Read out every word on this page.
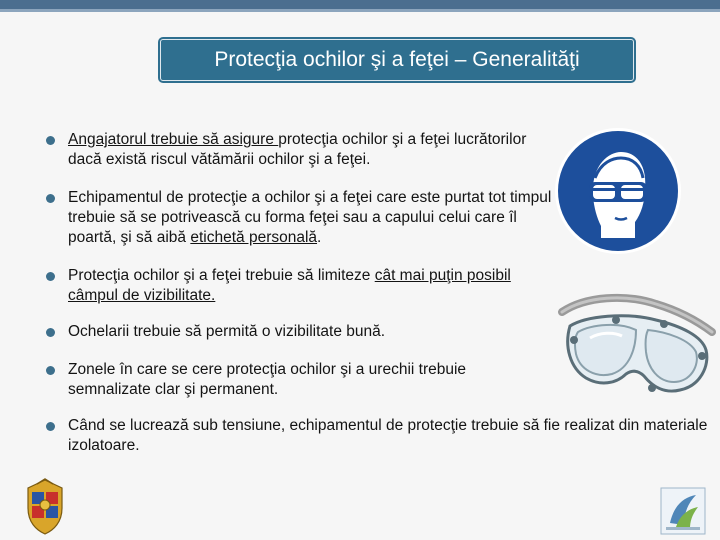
Protecţia ochilor şi a feţei – Generalităţi
Angajatorul trebuie să asigure protecţia ochilor şi a feţei lucrătorilor dacă există riscul vătămării ochilor şi a feţei.
Echipamentul de protecţie a ochilor şi a feţei care este purtat tot timpul trebuie să se potrivească cu forma feţei sau a capului celui care îl poartă, şi să aibă etichetă personală.
Protecţia ochilor şi a feţei trebuie să limiteze cât mai puţin posibil câmpul de vizibilitate.
Ochelarii trebuie să permită o vizibilitate bună.
Zonele în care se cere protecţia ochilor şi a urechii trebuie semnalizate clar şi permanent.
Când se lucrează sub tensiune, echipamentul de protecţie trebuie să fie realizat din materiale izolatoare.
